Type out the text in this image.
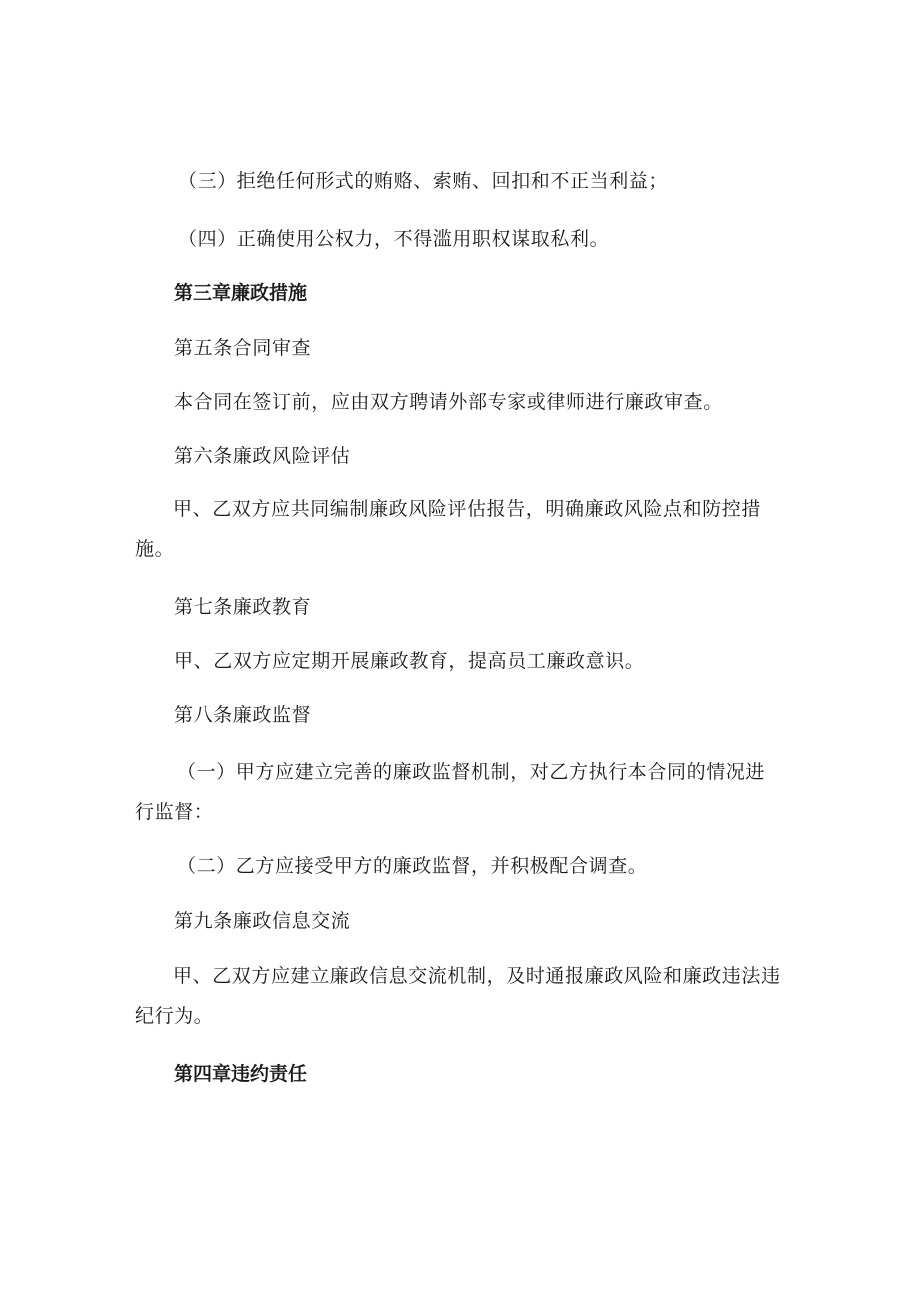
（三）拒绝任何形式的贿赂、索贿、回扣和不正当利益；

（四）正确使用公权力，不得滥用职权谋取私利。

第三章廉政措施

第五条合同审查

本合同在签订前，应由双方聘请外部专家或律师进行廉政审查。

第六条廉政风险评估

甲、乙双方应共同编制廉政风险评估报告，明确廉政风险点和防控措施。

第七条廉政教育

甲、乙双方应定期开展廉政教育，提高员工廉政意识。

第八条廉政监督

（一）甲方应建立完善的廉政监督机制，对乙方执行本合同的情况进行监督：

（二）乙方应接受甲方的廉政监督，并积极配合调查。

第九条廉政信息交流

甲、乙双方应建立廉政信息交流机制，及时通报廉政风险和廉政违法违纪行为。

第四章违约责任
